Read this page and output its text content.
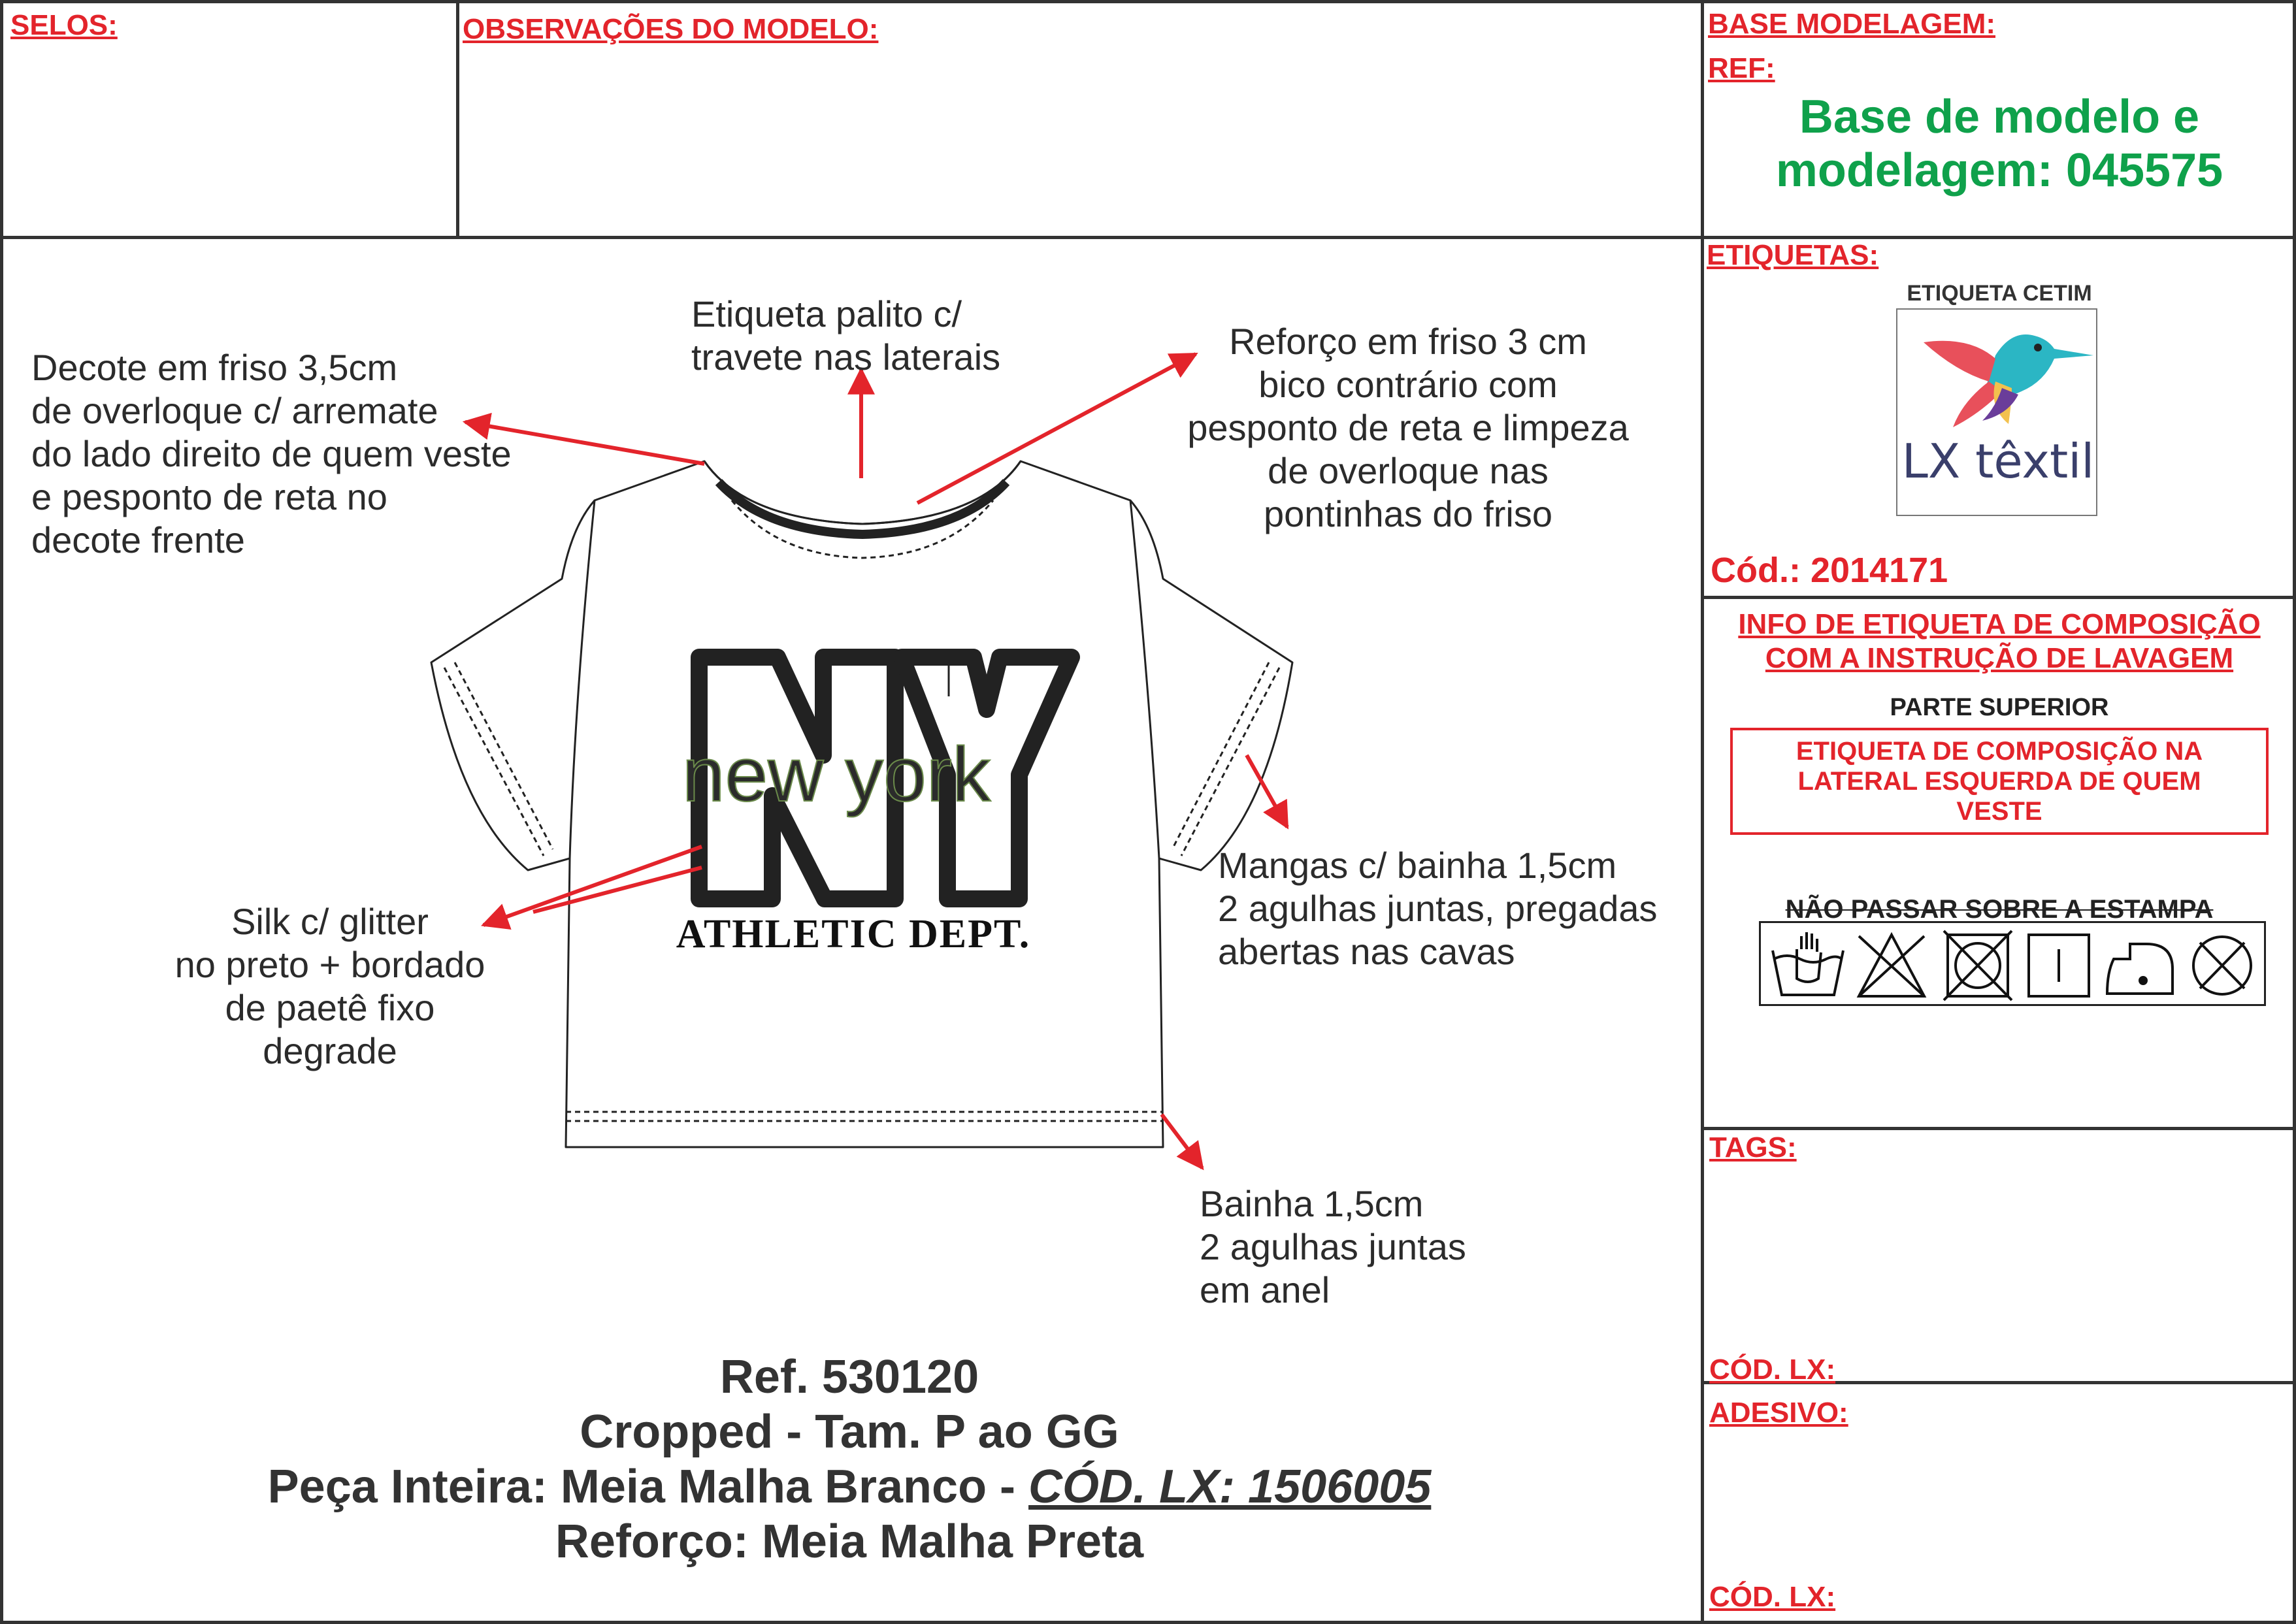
SELOS:	OBSERVAÇÕES DO MODELO:	BASE MODELAGEM:
REF:
Base de modelo e
modelagem: 045575
ETIQUETAS:
ETIQUETA CETIM
LX têxtil
Cód.: 2014171
INFO DE ETIQUETA DE COMPOSIÇÃO
COM A INSTRUÇÃO DE LAVAGEM
PARTE SUPERIOR
ETIQUETA DE COMPOSIÇÃO NA LATERAL ESQUERDA DE QUEM VESTE
NÃO PASSAR SOBRE A ESTAMPA
TAGS:
CÓD. LX:
ADESIVO:
CÓD. LX:
new york
ATHLETIC DEPT.
Decote em friso 3,5cm
de overloque c/ arremate
do lado direito de quem veste
e pesponto de reta no
decote frente
Etiqueta palito c/
travete nas laterais	Reforço em friso 3 cm
bico contrário com
pesponto de reta e limpeza
de overloque nas
pontinhas do friso
Mangas c/ bainha 1,5cm
2 agulhas juntas, pregadas
abertas nas cavas
Silk c/ glitter
no preto + bordado
de paetê fixo
degrade
Bainha 1,5cm
2 agulhas juntas
em anel
Ref. 530120
Cropped - Tam. P ao GG
Peça Inteira: Meia Malha Branco - CÓD. LX: 1506005
Reforço: Meia Malha Preta
